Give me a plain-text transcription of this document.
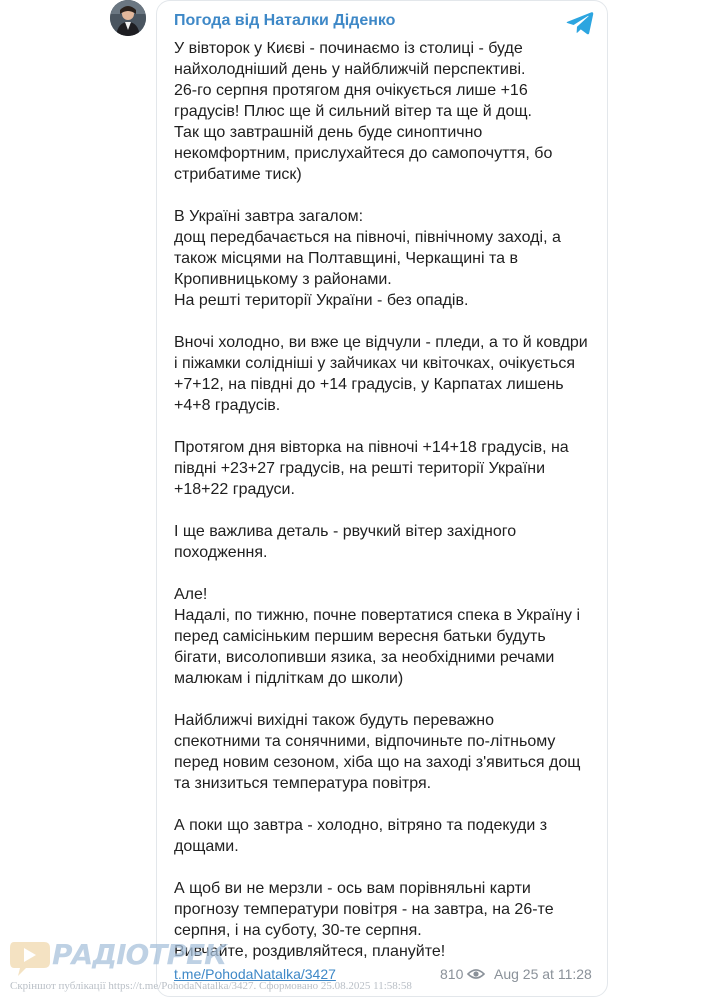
Погода від Наталки Діденко

У вівторок у Києві - починаємо із столиці - буде

найхолодніший день у найближчій перспективі.

26-го серпня протягом дня очікується лише +16

градусів! Плюс ще й сильний вітер та ще й дощ.

Так що завтрашній день буде синоптично

некомфортним, прислухайтеся до самопочуття, бо

стрибатиме тиск)

В Україні завтра загалом:

дощ передбачається на півночі, північному заході, а

також місцями на Полтавщині, Черкащині та в

Кропивницькому з районами.

На решті території України - без опадів.

Вночі холодно, ви вже це відчули - пледи, а то й ковдри

і піжамки солідніші у зайчиках чи квіточках, очікується

+7+12, на півдні до +14 градусів, у Карпатах лишень

+4+8 градусів.

Протягом дня вівторка на півночі +14+18 градусів, на

півдні +23+27 градусів, на решті території України

+18+22 градуси.

І ще важлива деталь - рвучкий вітер західного

походження.

Але!

Надалі, по тижню, почне повертатися спека в Україну і

перед самісіньким першим вересня батьки будуть

бігати, висолопивши язика, за необхідними речами

малюкам і підліткам до школи)

Найближчі вихідні також будуть переважно

спекотними та сонячними, відпочиньте по-літньому

перед новим сезоном, хіба що на заході з'явиться дощ

та знизиться температура повітря.

А поки що завтра - холодно, вітряно та подекуди з

дощами.

А щоб ви не мерзли - ось вам порівняльні карти

прогнозу температури повітря - на завтра, на 26-те

серпня, і на суботу, 30-те серпня.

Вивчайте, роздивляйтеся, плануйте!

t.me/PohodaNatalka/3427	810 Aug 25 at 11:28
РАДІОТРЕК
Скріншот публікації https://t.me/PohodaNatalka/3427. Сформовано 25.08.2025 11:58:58
